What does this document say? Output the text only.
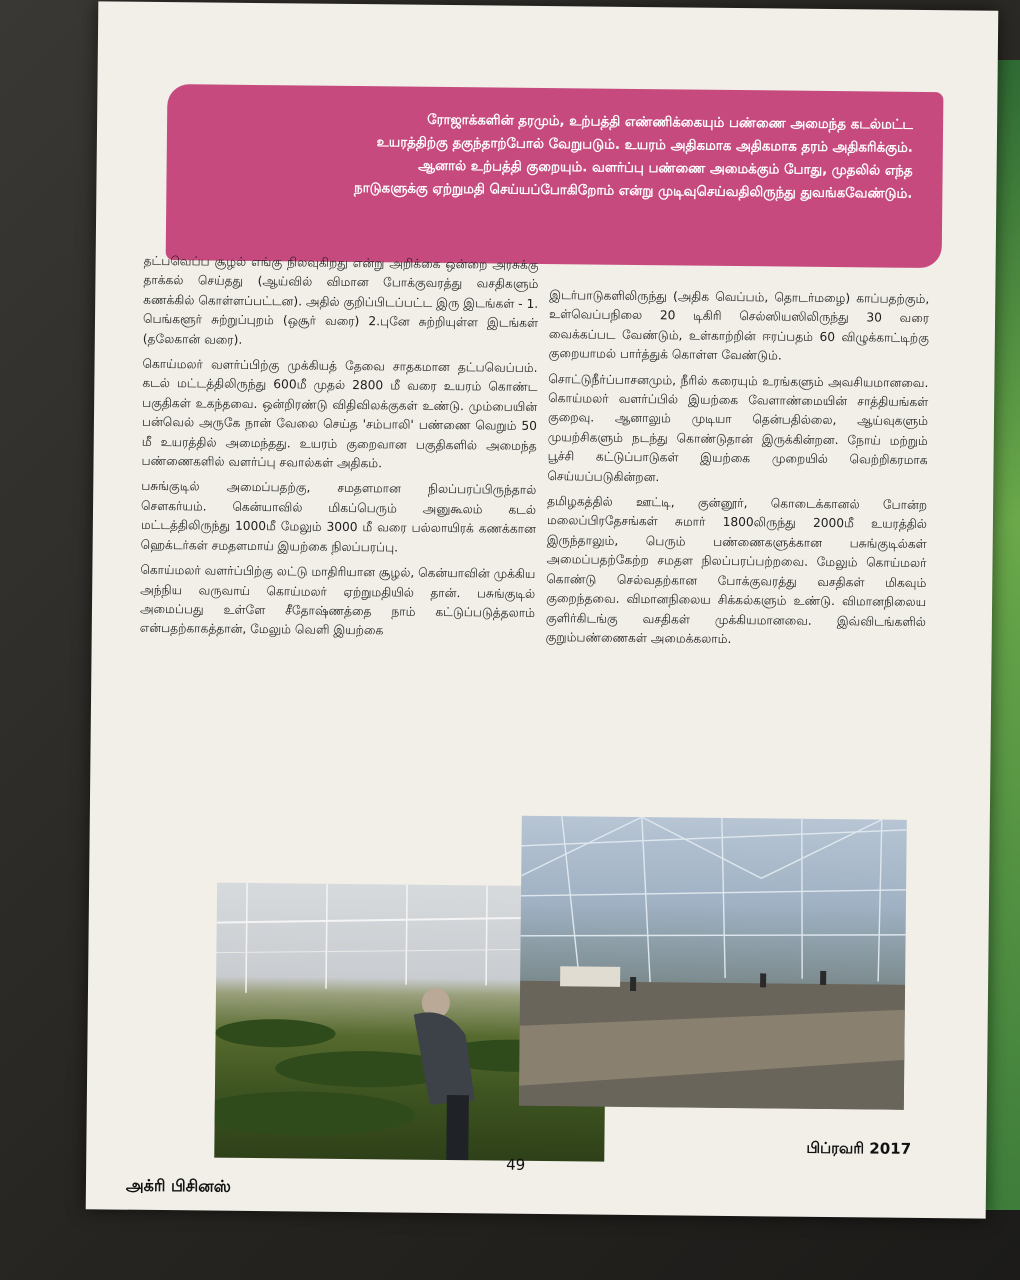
ரோஜாக்களின் தரமும், உற்பத்தி எண்ணிக்கையும் பண்ணை அமைந்த கடல்மட்ட
உயரத்திற்கு தகுந்தாற்போல் வேறுபடும். உயரம் அதிகமாக அதிகமாக தரம் அதிகரிக்கும்.
ஆனால் உற்பத்தி குறையும். வளர்ப்பு பண்ணை அமைக்கும் போது, முதலில் எந்த
நாடுகளுக்கு ஏற்றுமதி செய்யப்போகிறோம் என்று முடிவுசெய்வதிலிருந்து துவங்கவேண்டும்.

தட்பவெப்ப சூழல் எங்கு நிலவுகிறது என்று அறிக்கை ஒன்றை அரசுக்கு தாக்கல் செய்தது (ஆய்வில் விமான போக்குவரத்து வசதிகளும் கணக்கில் கொள்ளப்பட்டன). அதில் குறிப்பிடப்பட்ட இரு இடங்கள் - 1. பெங்களூர் சுற்றுப்புறம் (ஒசூர் வரை) 2.புனே சுற்றியுள்ள இடங்கள் (தலேகான் வரை).

கொய்மலர் வளர்ப்பிற்கு முக்கியத் தேவை சாதகமான தட்பவெப்பம். கடல் மட்டத்திலிருந்து 600மீ முதல் 2800 மீ வரை உயரம் கொண்ட பகுதிகள் உகந்தவை. ஒன்றிரண்டு விதிவிலக்குகள் உண்டு. மும்பையின் பன்வெல் அருகே நான் வேலை செய்த 'சம்பாலி' பண்ணை வெறும் 50 மீ உயரத்தில் அமைந்தது. உயரம் குறைவான பகுதிகளில் அமைந்த பண்ணைகளில் வளர்ப்பு சவால்கள் அதிகம்.

பசுங்குடில் அமைப்பதற்கு, சமதளமான நிலப்பரப்பிருந்தால் சௌகர்யம். கென்யாவில் மிகப்பெரும் அனுகூலம் கடல் மட்டத்திலிருந்து 1000மீ மேலும் 3000 மீ வரை பல்லாயிரக் கணக்கான ஹெக்டர்கள் சமதளமாய் இயற்கை நிலப்பரப்பு.

கொய்மலர் வளர்ப்பிற்கு லட்டு மாதிரியான சூழல், கென்யாவின் முக்கிய அந்நிய வருவாய் கொய்மலர் ஏற்றுமதியில் தான். பசுங்குடில் அமைப்பது உள்ளே சீதோஷ்ணத்தை நாம் கட்டுப்படுத்தலாம் என்பதற்காகத்தான், மேலும் வெளி இயற்கை

இடர்பாடுகளிலிருந்து (அதிக வெப்பம், தொடர்மழை) காப்பதற்கும், உள்வெப்பநிலை 20 டிகிரி செல்ஸியஸிலிருந்து 30 வரை வைக்கப்பட வேண்டும், உள்காற்றின் ஈரப்பதம் 60 விழுக்காட்டிற்கு குறையாமல் பார்த்துக் கொள்ள வேண்டும்.

சொட்டுநீர்ப்பாசனமும், நீரில் கரையும் உரங்களும் அவசியமானவை. கொய்மலர் வளர்ப்பில் இயற்கை வேளாண்மையின் சாத்தியங்கள் குறைவு. ஆனாலும் முடியா தென்பதில்லை, ஆய்வுகளும் முயற்சிகளும் நடந்து கொண்டுதான் இருக்கின்றன. நோய் மற்றும் பூச்சி கட்டுப்பாடுகள் இயற்கை முறையில் வெற்றிகரமாக செய்யப்படுகின்றன.

தமிழகத்தில் ஊட்டி, குன்னூர், கொடைக்கானல் போன்ற மலைப்பிரதேசங்கள் சுமார் 1800லிருந்து 2000மீ உயரத்தில் இருந்தாலும், பெரும் பண்ணைகளுக்கான பசுங்குடில்கள் அமைப்பதற்கேற்ற சமதள நிலப்பரப்பற்றவை. மேலும் கொய்மலர் கொண்டு செல்வதற்கான போக்குவரத்து வசதிகள் மிகவும் குறைந்தவை. விமானநிலைய சிக்கல்களும் உண்டு. விமானநிலைய குளிர்கிடங்கு வசதிகள் முக்கியமானவை. இவ்விடங்களில் குறும்பண்ணைகள் அமைக்கலாம்.

49
பிப்ரவரி 2017
அக்ரி பிசினஸ்
